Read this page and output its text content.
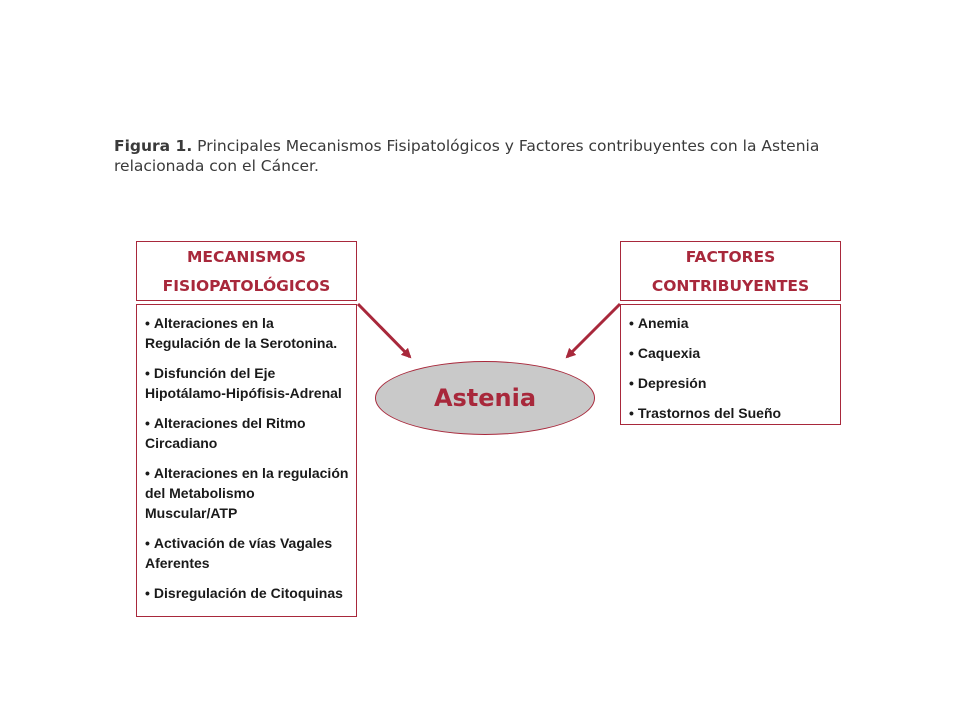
Figura 1. Principales Mecanismos Fisipatológicos y Factores contribuyentes con la Astenia relacionada con el Cáncer.
MECANISMOS
FISIOPATOLÓGICOS
• Alteraciones en la Regulación de la Serotonina.
• Disfunción del Eje Hipotálamo-Hipófisis-Adrenal
• Alteraciones del Ritmo Circadiano
• Alteraciones en la regulación del Metabolismo Muscular/ATP
• Activación de vías Vagales Aferentes
• Disregulación de Citoquinas
FACTORES
CONTRIBUYENTES
• Anemia
• Caquexia
• Depresión
• Trastornos del Sueño
Astenia
